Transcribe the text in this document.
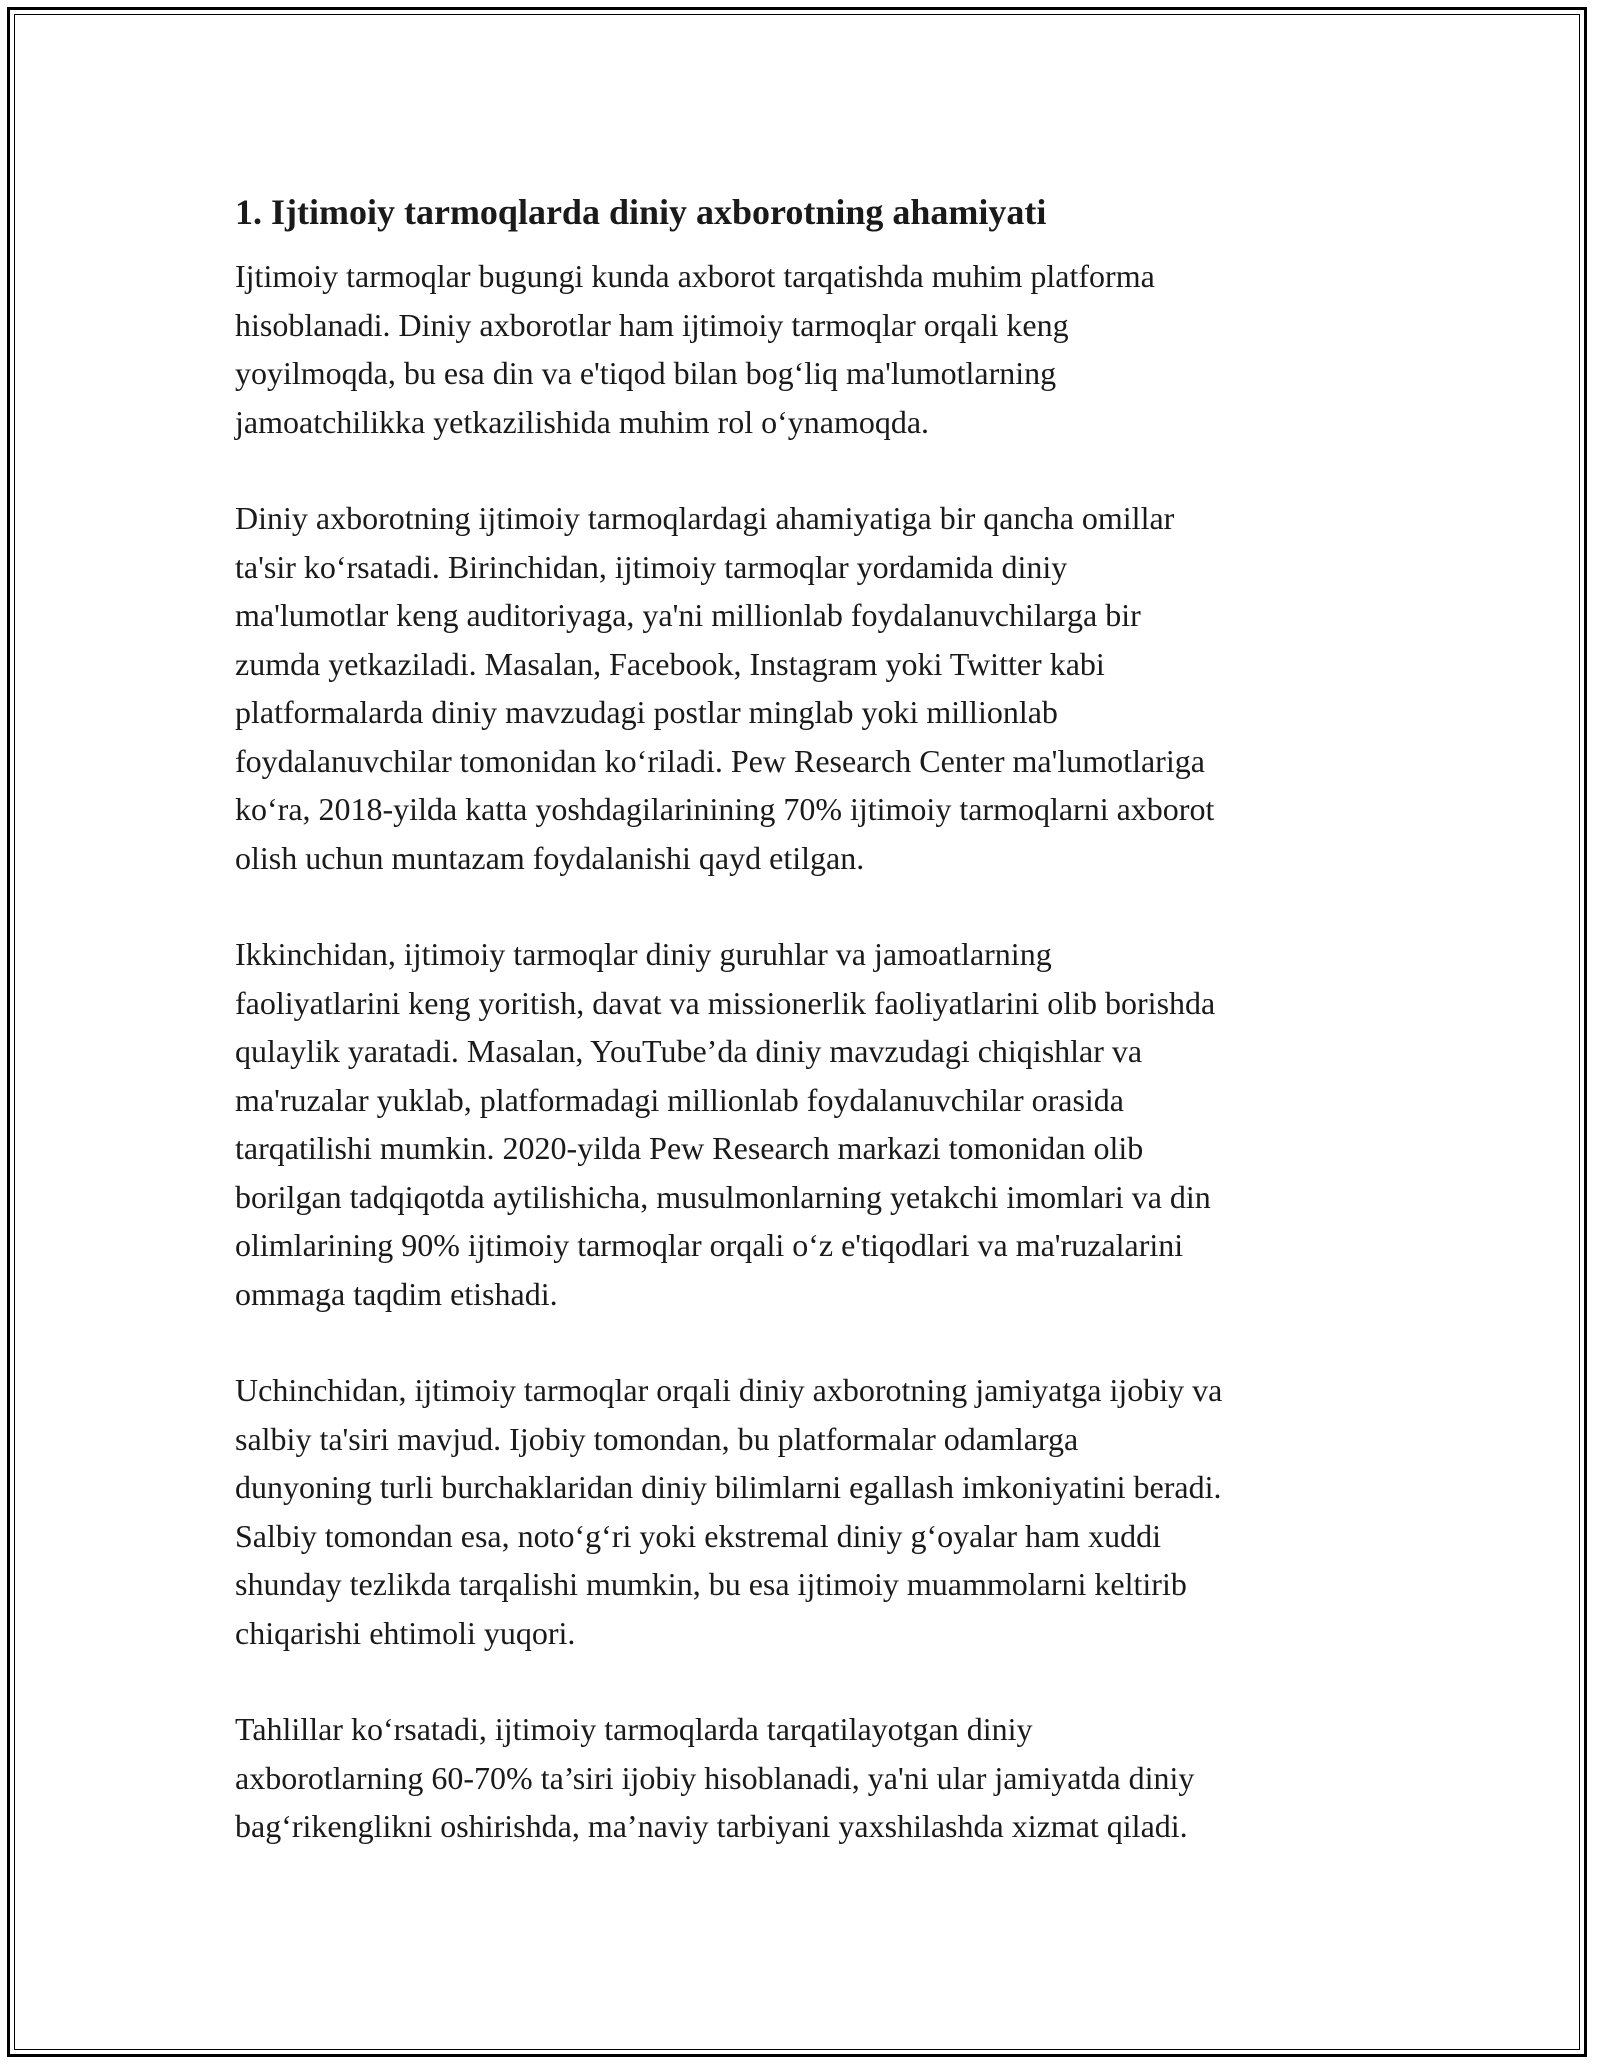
1. Ijtimoiy tarmoqlarda diniy axborotning ahamiyati

Ijtimoiy tarmoqlar bugungi kunda axborot tarqatishda muhim platforma
hisoblanadi. Diniy axborotlar ham ijtimoiy tarmoqlar orqali keng
yoyilmoqda, bu esa din va e'tiqod bilan bog‘liq ma'lumotlarning
jamoatchilikka yetkazilishida muhim rol o‘ynamoqda.

Diniy axborotning ijtimoiy tarmoqlardagi ahamiyatiga bir qancha omillar
ta'sir ko‘rsatadi. Birinchidan, ijtimoiy tarmoqlar yordamida diniy
ma'lumotlar keng auditoriyaga, ya'ni millionlab foydalanuvchilarga bir
zumda yetkaziladi. Masalan, Facebook, Instagram yoki Twitter kabi
platformalarda diniy mavzudagi postlar minglab yoki millionlab
foydalanuvchilar tomonidan ko‘riladi. Pew Research Center ma'lumotlariga
ko‘ra, 2018-yilda katta yoshdagilarinining 70% ijtimoiy tarmoqlarni axborot
olish uchun muntazam foydalanishi qayd etilgan.

Ikkinchidan, ijtimoiy tarmoqlar diniy guruhlar va jamoatlarning
faoliyatlarini keng yoritish, davat va missionerlik faoliyatlarini olib borishda
qulaylik yaratadi. Masalan, YouTube’da diniy mavzudagi chiqishlar va
ma'ruzalar yuklab, platformadagi millionlab foydalanuvchilar orasida
tarqatilishi mumkin. 2020-yilda Pew Research markazi tomonidan olib
borilgan tadqiqotda aytilishicha, musulmonlarning yetakchi imomlari va din
olimlarining 90% ijtimoiy tarmoqlar orqali o‘z e'tiqodlari va ma'ruzalarini
ommaga taqdim etishadi.

Uchinchidan, ijtimoiy tarmoqlar orqali diniy axborotning jamiyatga ijobiy va
salbiy ta'siri mavjud. Ijobiy tomondan, bu platformalar odamlarga
dunyoning turli burchaklaridan diniy bilimlarni egallash imkoniyatini beradi.
Salbiy tomondan esa, noto‘g‘ri yoki ekstremal diniy g‘oyalar ham xuddi
shunday tezlikda tarqalishi mumkin, bu esa ijtimoiy muammolarni keltirib
chiqarishi ehtimoli yuqori.

Tahlillar ko‘rsatadi, ijtimoiy tarmoqlarda tarqatilayotgan diniy
axborotlarning 60-70% ta’siri ijobiy hisoblanadi, ya'ni ular jamiyatda diniy
bag‘rikenglikni oshirishda, ma’naviy tarbiyani yaxshilashda xizmat qiladi.
